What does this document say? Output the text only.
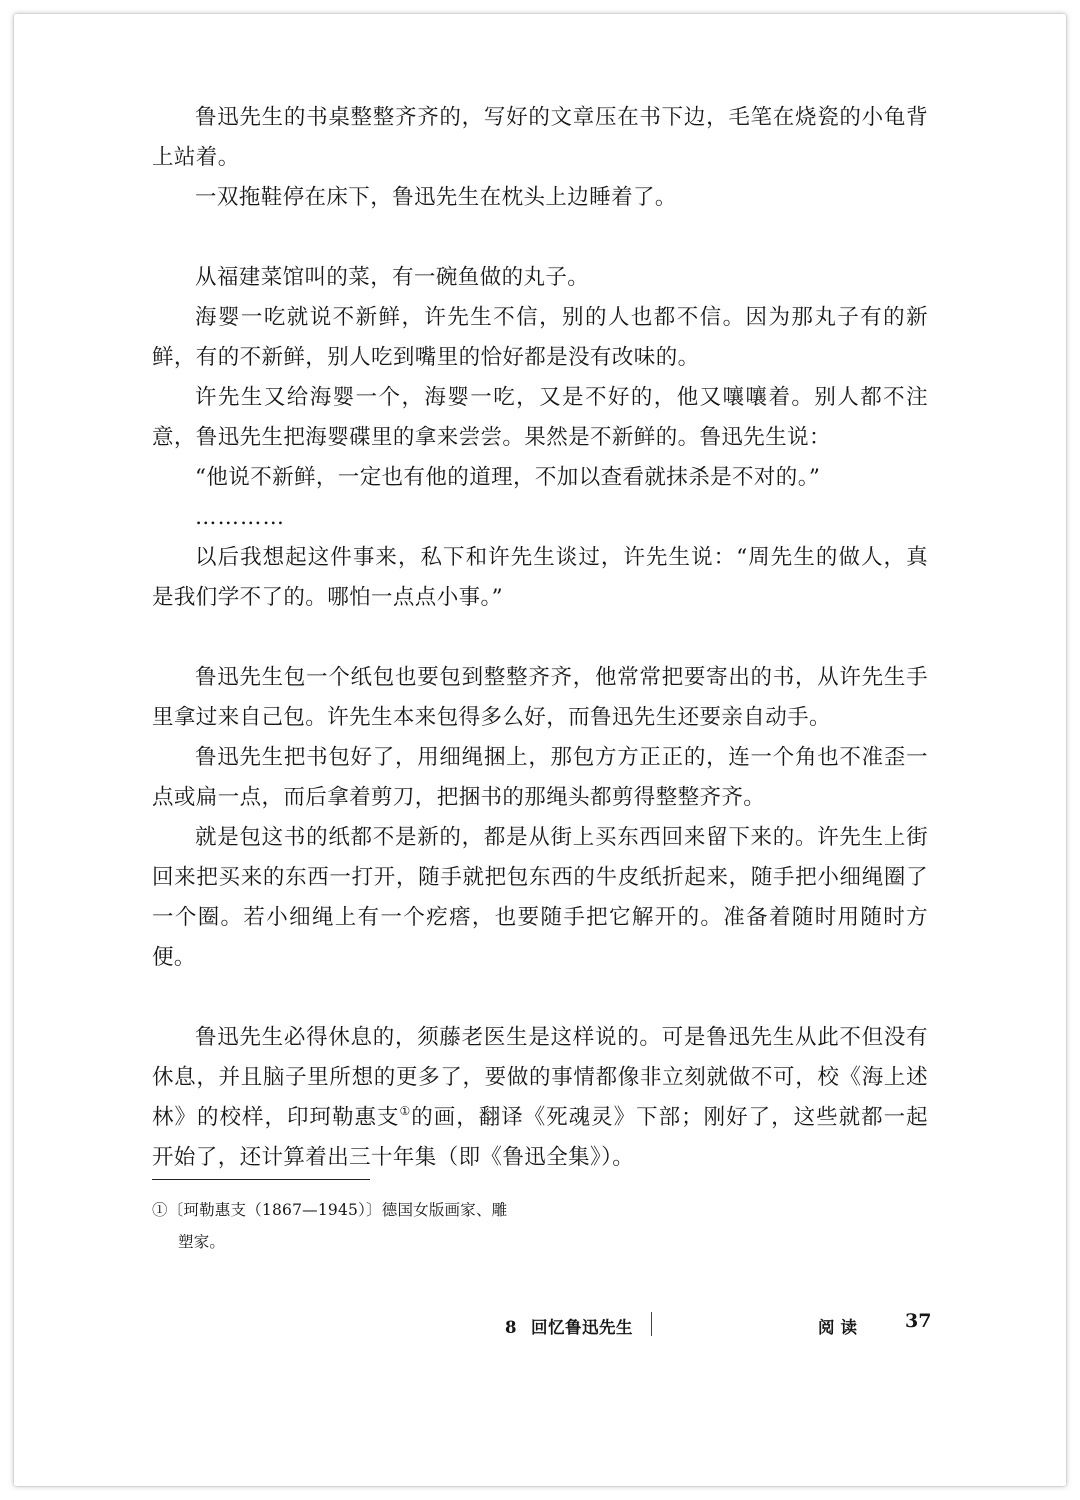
鲁迅先生的书桌整整齐齐的，写好的文章压在书下边，毛笔在烧瓷的小龟背上站着。

一双拖鞋停在床下，鲁迅先生在枕头上边睡着了。

从福建菜馆叫的菜，有一碗鱼做的丸子。

海婴一吃就说不新鲜，许先生不信，别的人也都不信。因为那丸子有的新鲜，有的不新鲜，别人吃到嘴里的恰好都是没有改味的。

许先生又给海婴一个，海婴一吃，又是不好的，他又嚷嚷着。别人都不注意，鲁迅先生把海婴碟里的拿来尝尝。果然是不新鲜的。鲁迅先生说：

“他说不新鲜，一定也有他的道理，不加以查看就抹杀是不对的。”

…………

以后我想起这件事来，私下和许先生谈过，许先生说：“周先生的做人，真是我们学不了的。哪怕一点点小事。”

鲁迅先生包一个纸包也要包到整整齐齐，他常常把要寄出的书，从许先生手里拿过来自己包。许先生本来包得多么好，而鲁迅先生还要亲自动手。

鲁迅先生把书包好了，用细绳捆上，那包方方正正的，连一个角也不准歪一点或扁一点，而后拿着剪刀，把捆书的那绳头都剪得整整齐齐。

就是包这书的纸都不是新的，都是从街上买东西回来留下来的。许先生上街回来把买来的东西一打开，随手就把包东西的牛皮纸折起来，随手把小细绳圈了一个圈。若小细绳上有一个疙瘩，也要随手把它解开的。准备着随时用随时方便。

鲁迅先生必得休息的，须藤老医生是这样说的。可是鲁迅先生从此不但没有休息，并且脑子里所想的更多了，要做的事情都像非立刻就做不可，校《海上述林》的校样，印珂勒惠支①的画，翻译《死魂灵》下部；刚好了，这些就都一起开始了，还计算着出三十年集（即《鲁迅全集》）。

①〔珂勒惠支（1867—1945）〕德国女版画家、雕
塑家。
8 回忆鲁迅先生	阅读 37
